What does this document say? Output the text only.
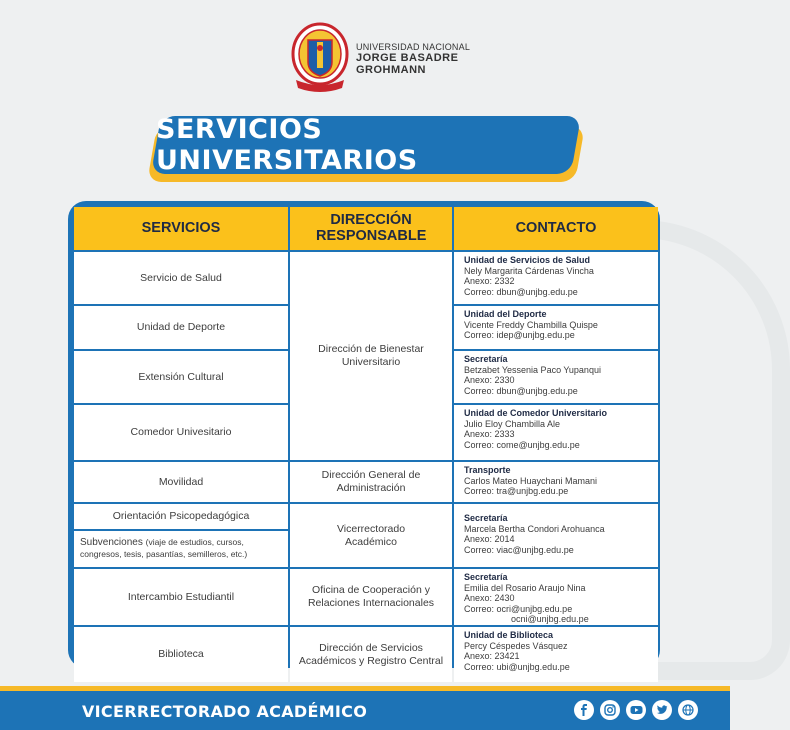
UNIVERSIDAD NACIONAL
JORGE BASADRE
GROHMANN
SERVICIOS UNIVERSITARIOS
SERVICIOS	DIRECCIÓN RESPONSABLE	CONTACTO
Servicio de Salud
Unidad de Deporte
Extensión Cultural
Comedor Univesitario
Movilidad
Orientación Psicopedagógica
Subvenciones (viaje de estudios, cursos, congresos, tesis, pasantías, semilleros, etc.)
Intercambio Estudiantil
Biblioteca
Dirección de Bienestar Universitario
Dirección General de Administración
Vicerrectorado Académico
Oficina de Cooperación y Relaciones Internacionales
Dirección de Servicios Académicos y Registro Central
Unidad de Servicios de Salud
Nely Margarita Cárdenas Vincha
Anexo: 2332
Correo: dbun@unjbg.edu.pe
Unidad del Deporte
Vicente Freddy Chambilla Quispe
Correo: idep@unjbg.edu.pe
Secretaría
Betzabet Yessenia Paco Yupanqui
Anexo: 2330
Correo: dbun@unjbg.edu.pe
Unidad de Comedor Universitario
Julio Eloy Chambilla Ale
Anexo: 2333
Correo: come@unjbg.edu.pe
Transporte
Carlos Mateo Huaychani Mamani
Correo: tra@unjbg.edu.pe
Secretaría
Marcela Bertha Condori Arohuanca
Anexo: 2014
Correo: viac@unjbg.edu.pe
Secretaría
Emilia del Rosario Araujo Nina
Anexo: 2430
Correo: ocri@unjbg.edu.pe
ocni@unjbg.edu.pe
Unidad de Biblioteca
Percy Céspedes Vásquez
Anexo: 23421
Correo: ubi@unjbg.edu.pe
VICERRECTORADO ACADÉMICO
